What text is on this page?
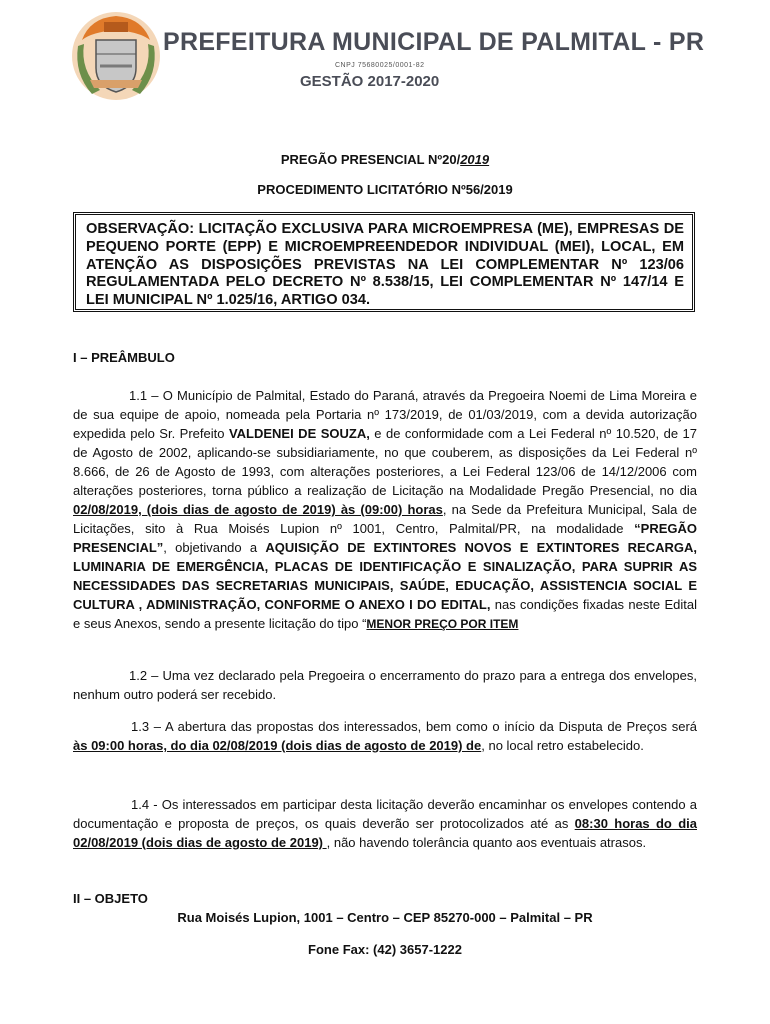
PREFEITURA MUNICIPAL DE PALMITAL - PR
CNPJ 75680025/0001-82
GESTÃO 2017-2020
PREGÃO PRESENCIAL Nº20/2019
PROCEDIMENTO LICITATÓRIO Nº56/2019
OBSERVAÇÃO: LICITAÇÃO EXCLUSIVA PARA MICROEMPRESA (ME), EMPRESAS DE PEQUENO PORTE (EPP) E MICROEMPREENDEDOR INDIVIDUAL (MEI), LOCAL, EM ATENÇÃO AS DISPOSIÇÕES PREVISTAS NA LEI COMPLEMENTAR Nº 123/06 REGULAMENTADA PELO DECRETO Nº 8.538/15, LEI COMPLEMENTAR Nº 147/14 E LEI MUNICIPAL Nº 1.025/16, ARTIGO 034.
I – PREÂMBULO

1.1 – O Município de Palmital, Estado do Paraná, através da Pregoeira Noemi de Lima Moreira e de sua equipe de apoio, nomeada pela Portaria nº 173/2019, de 01/03/2019, com a devida autorização expedida pelo Sr. Prefeito VALDENEI DE SOUZA, e de conformidade com a Lei Federal nº 10.520, de 17 de Agosto de 2002, aplicando-se subsidiariamente, no que couberem, as disposições da Lei Federal nº 8.666, de 26 de Agosto de 1993, com alterações posteriores, a Lei Federal 123/06 de 14/12/2006 com alterações posteriores, torna público a realização de Licitação na Modalidade Pregão Presencial, no dia 02/08/2019, (dois dias de agosto de 2019) às (09:00) horas, na Sede da Prefeitura Municipal, Sala de Licitações, sito à Rua Moisés Lupion nº 1001, Centro, Palmital/PR, na modalidade “PREGÃO PRESENCIAL”, objetivando a AQUISIÇÃO DE EXTINTORES NOVOS E EXTINTORES RECARGA, LUMINARIA DE EMERGÊNCIA, PLACAS DE IDENTIFICAÇÃO E SINALIZAÇÃO, PARA SUPRIR AS NECESSIDADES DAS SECRETARIAS MUNICIPAIS, SAÚDE, EDUCAÇÃO, ASSISTENCIA SOCIAL E CULTURA , ADMINISTRAÇÃO, CONFORME O ANEXO I DO EDITAL, nas condições fixadas neste Edital e seus Anexos, sendo a presente licitação do tipo “MENOR PREÇO POR ITEM

1.2 – Uma vez declarado pela Pregoeira o encerramento do prazo para a entrega dos envelopes, nenhum outro poderá ser recebido.

1.3 – A abertura das propostas dos interessados, bem como o início da Disputa de Preços será às 09:00 horas, do dia 02/08/2019 (dois dias de agosto de 2019) de, no local retro estabelecido.

1.4 - Os interessados em participar desta licitação deverão encaminhar os envelopes contendo a documentação e proposta de preços, os quais deverão ser protocolizados até as 08:30 horas do dia 02/08/2019 (dois dias de agosto de 2019) , não havendo tolerância quanto aos eventuais atrasos.

II – OBJETO
Rua Moisés Lupion, 1001 – Centro – CEP 85270-000 – Palmital – PR
Fone Fax: (42) 3657-1222
